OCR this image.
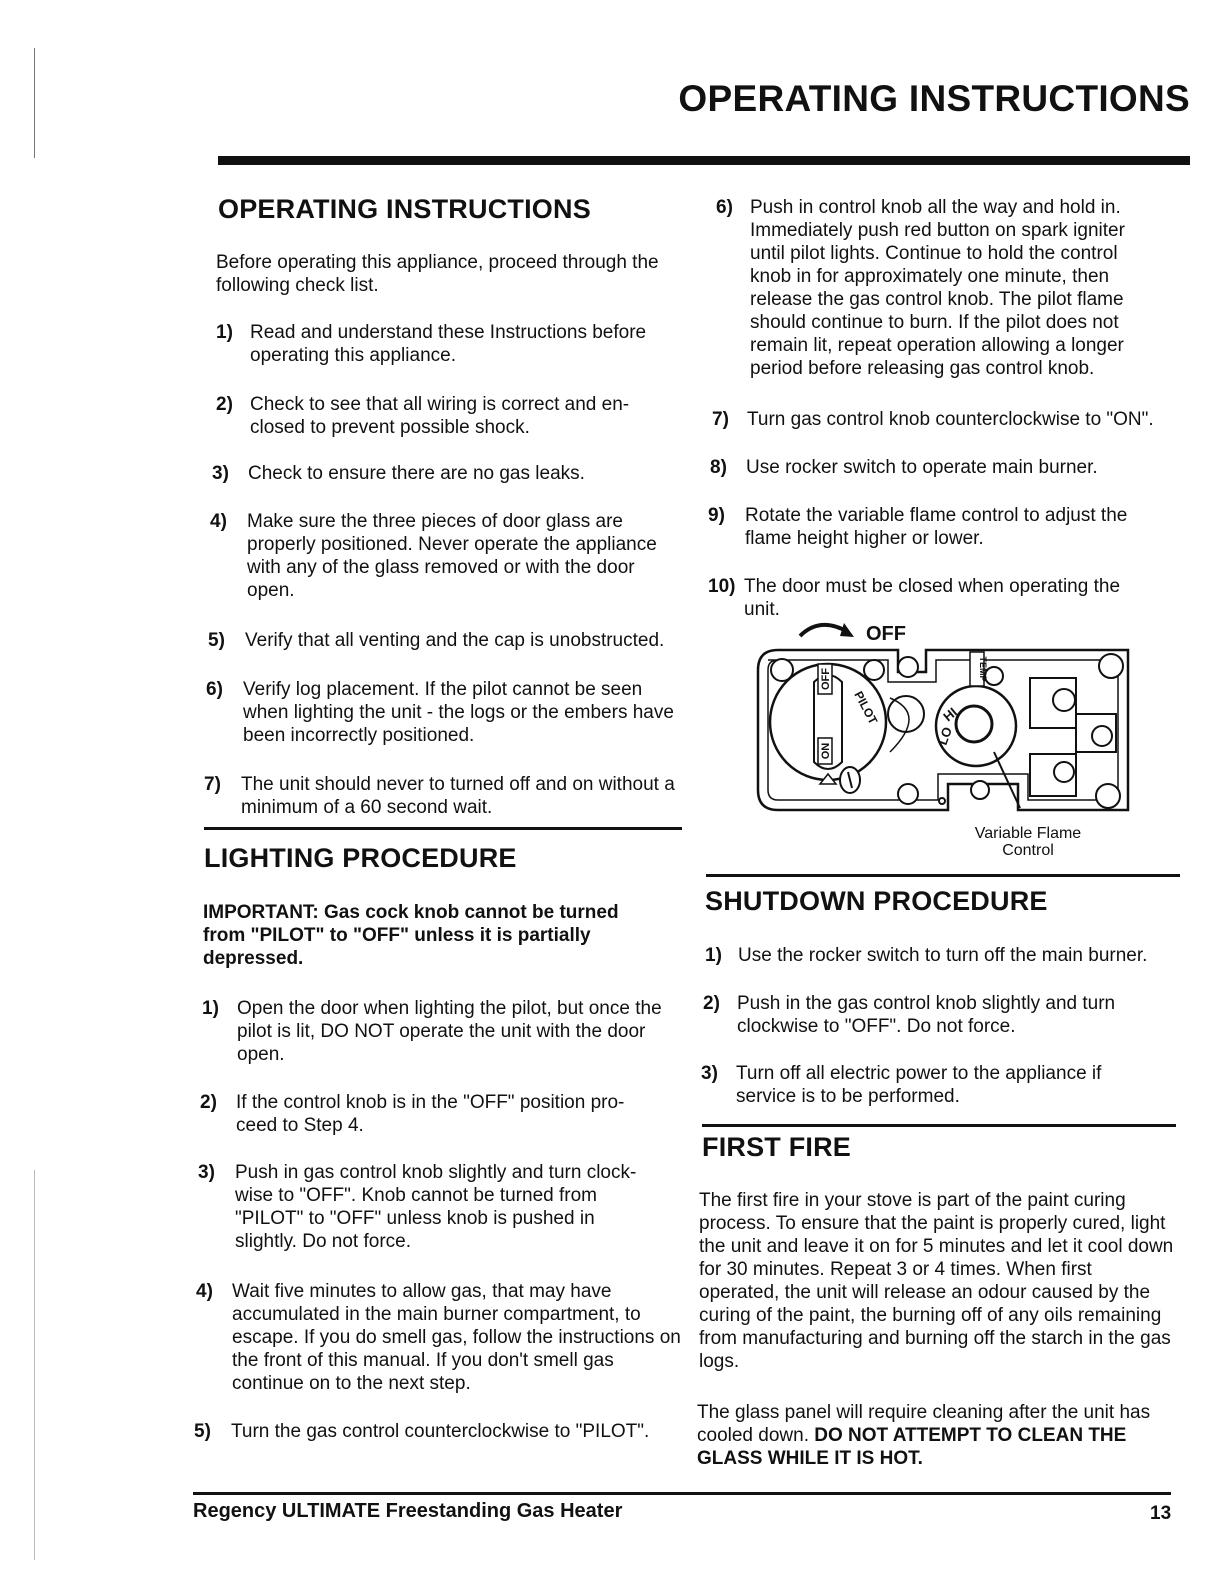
OPERATING INSTRUCTIONS
OPERATING INSTRUCTIONS
Before operating this appliance, proceed through the following check list.
1) Read and understand these Instructions before operating this appliance.
2) Check to see that all wiring is correct and en- closed to prevent possible shock.
3)	Check to ensure there are no gas leaks.
4)	Make sure the three pieces of door glass are properly positioned. Never operate the appliance with any of the glass removed or with the door open.
5)	Verify that all venting and the cap is unobstructed.
6)	Verify log placement. If the pilot cannot be seen when lighting the unit - the logs or the embers have been incorrectly positioned.
7)	The unit should never to turned off and on without a minimum of a 60 second wait.
LIGHTING PROCEDURE
IMPORTANT: Gas cock knob cannot be turned from "PILOT" to "OFF" unless it is partially depressed.
1) Open the door when lighting the pilot, but once the pilot is lit, DO NOT operate the unit with the door open.
2)	If the control knob is in the "OFF" position pro- ceed to Step 4.
3)	Push in gas control knob slightly and turn clock- wise to "OFF". Knob cannot be turned from "PILOT" to "OFF" unless knob is pushed in slightly. Do not force.
4)	Wait five minutes to allow gas, that may have accumulated in the main burner compartment, to escape. If you do smell gas, follow the instructions on the front of this manual. If you don't smell gas continue on to the next step.
5)	Turn the gas control counterclockwise to "PILOT".
6) Push in control knob all the way and hold in. Immediately push red button on spark igniter until pilot lights. Continue to hold the control knob in for approximately one minute, then release the gas control knob. The pilot flame should continue to burn. If the pilot does not remain lit, repeat operation allowing a longer period before releasing gas control knob.
7) Turn gas control knob counterclockwise to "ON".
8)	Use rocker switch to operate main burner.
9)	Rotate the variable flame control to adjust the flame height higher or lower.
10) The door must be closed when operating the unit.
OFF
OFF
ON
PILOT	HI
LO
TEMP
Variable Flame
Control
SHUTDOWN PROCEDURE
1) Use the rocker switch to turn off the main burner.
2) Push in the gas control knob slightly and turn clockwise to "OFF". Do not force.
3) Turn off all electric power to the appliance if service is to be performed.
FIRST FIRE
The first fire in your stove is part of the paint curing process. To ensure that the paint is properly cured, light the unit and leave it on for 5 minutes and let it cool down for 30 minutes. Repeat 3 or 4 times. When first operated, the unit will release an odour caused by the curing of the paint, the burning off of any oils remaining from manufacturing and burning off the starch in the gas logs.
The glass panel will require cleaning after the unit has cooled down. DO NOT ATTEMPT TO CLEAN THE GLASS WHILE IT IS HOT.
Regency ULTIMATE Freestanding Gas Heater	13
